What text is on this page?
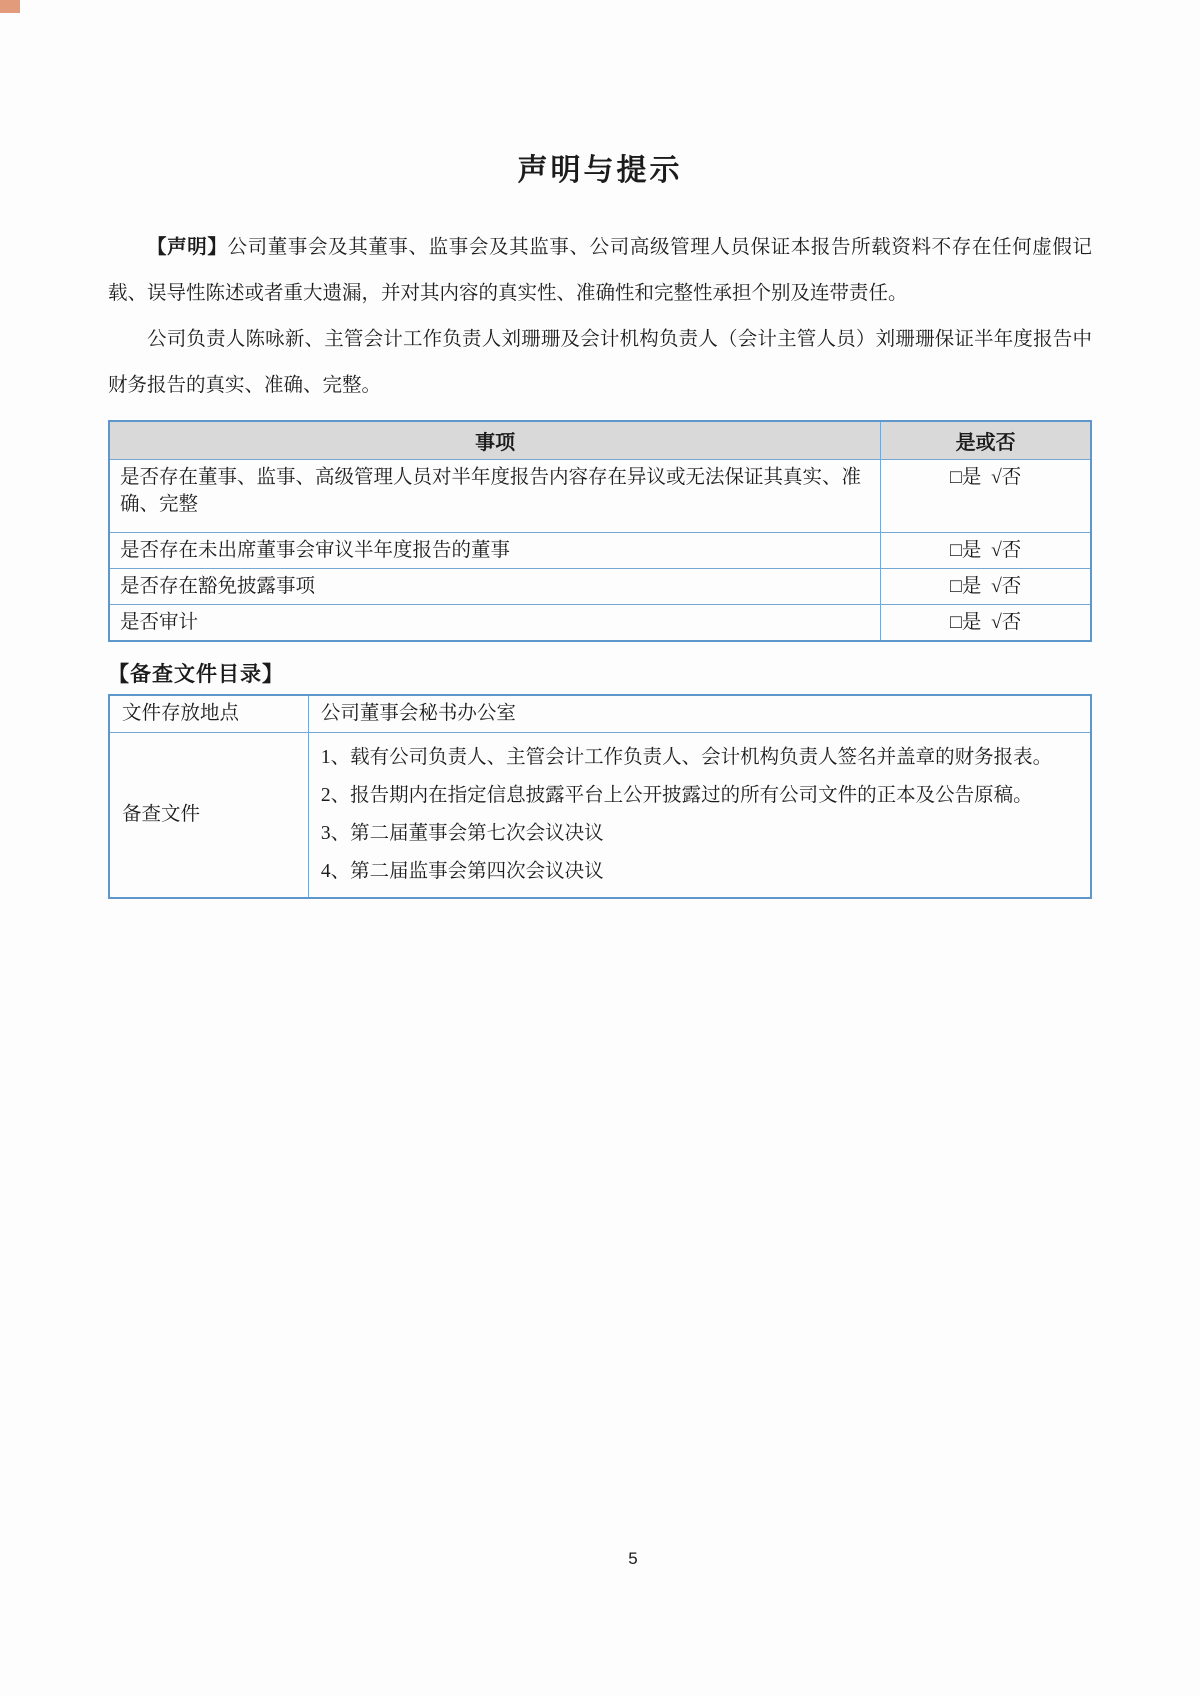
声明与提示

【声明】公司董事会及其董事、监事会及其监事、公司高级管理人员保证本报告所载资料不存在任何虚假记载、误导性陈述或者重大遗漏，并对其内容的真实性、准确性和完整性承担个别及连带责任。

公司负责人陈咏新、主管会计工作负责人刘珊珊及会计机构负责人（会计主管人员）刘珊珊保证半年度报告中财务报告的真实、准确、完整。

事项	是或否
是否存在董事、监事、高级管理人员对半年度报告内容存在异议或无法保证其真实、准确、完整	□是  √否
是否存在未出席董事会审议半年度报告的董事	□是  √否
是否存在豁免披露事项	□是  √否
是否审计	□是  √否
【备查文件目录】
文件存放地点	公司董事会秘书办公室
备查文件	1、载有公司负责人、主管会计工作负责人、会计机构负责人签名并盖章的财务报表。
2、报告期内在指定信息披露平台上公开披露过的所有公司文件的正本及公告原稿。
3、第二届董事会第七次会议决议
4、第二届监事会第四次会议决议
5
